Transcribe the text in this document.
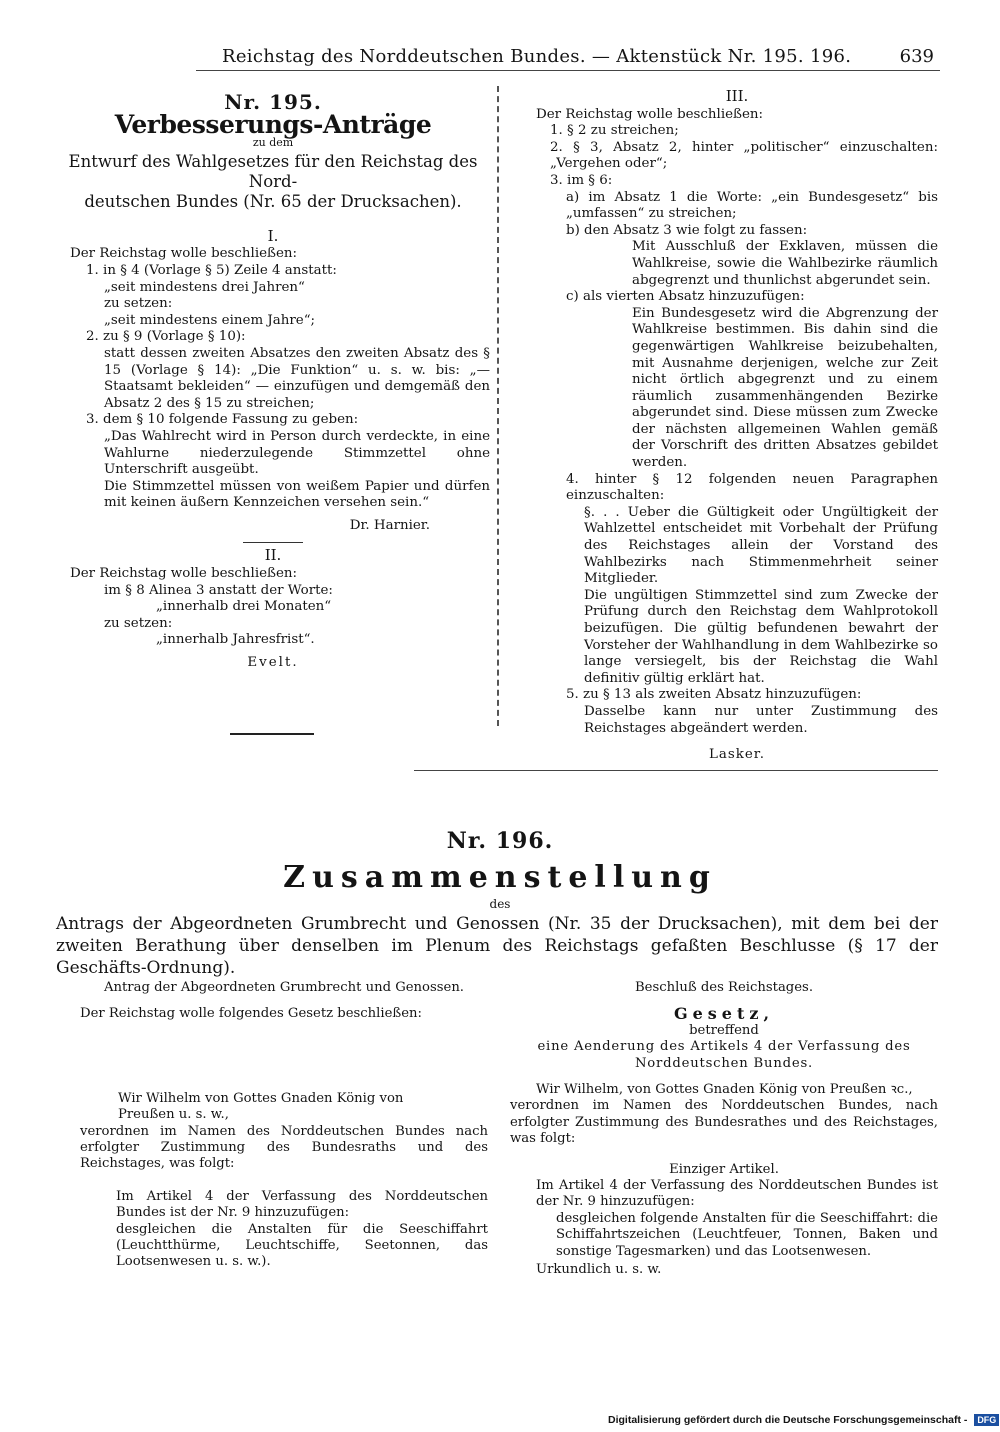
Reichstag des Norddeutschen Bundes. — Aktenstück Nr. 195. 196.	639
Nr. 195.
Verbesserungs-Anträge
zu dem
Entwurf des Wahlgesetzes für den Reichstag des Nord-
deutschen Bundes (Nr. 65 der Drucksachen).
I.

Der Reichstag wolle beschließen:

1. in § 4 (Vorlage § 5) Zeile 4 anstatt:

„seit mindestens drei Jahren“

zu setzen:

„seit mindestens einem Jahre“;

2. zu § 9 (Vorlage § 10):

statt dessen zweiten Absatzes den zweiten Absatz des § 15 (Vorlage § 14): „Die Funktion“ u. s. w. bis: „— Staatsamt bekleiden“ — einzufügen und demgemäß den Absatz 2 des § 15 zu streichen;

3. dem § 10 folgende Fassung zu geben:

„Das Wahlrecht wird in Person durch verdeckte, in eine Wahlurne niederzulegende Stimmzettel ohne Unterschrift ausgeübt.

Die Stimmzettel müssen von weißem Papier und dürfen mit keinen äußern Kennzeichen versehen sein.“

Dr. Harnier.

II.

Der Reichstag wolle beschließen:

im § 8 Alinea 3 anstatt der Worte:

„innerhalb drei Monaten“

zu setzen:

„innerhalb Jahresfrist“.

Evelt.

III.

Der Reichstag wolle beschließen:

1. § 2 zu streichen;

2. § 3, Absatz 2, hinter „politischer“ einzuschalten: „Vergehen oder“;

3. im § 6:

a) im Absatz 1 die Worte: „ein Bundesgesetz“ bis „umfassen“ zu streichen;

b) den Absatz 3 wie folgt zu fassen:

Mit Ausschluß der Exklaven, müssen die Wahlkreise, sowie die Wahlbezirke räumlich abgegrenzt und thunlichst abgerundet sein.

c) als vierten Absatz hinzuzufügen:

Ein Bundesgesetz wird die Abgrenzung der Wahlkreise bestimmen. Bis dahin sind die gegenwärtigen Wahlkreise beizubehalten, mit Ausnahme derjenigen, welche zur Zeit nicht örtlich abgegrenzt und zu einem räumlich zusammenhängenden Bezirke abgerundet sind. Diese müssen zum Zwecke der nächsten allgemeinen Wahlen gemäß der Vorschrift des dritten Absatzes gebildet werden.

4. hinter § 12 folgenden neuen Paragraphen einzuschalten:

§. . . Ueber die Gültigkeit oder Ungültigkeit der Wahlzettel entscheidet mit Vorbehalt der Prüfung des Reichstages allein der Vorstand des Wahlbezirks nach Stimmenmehrheit seiner Mitglieder.

Die ungültigen Stimmzettel sind zum Zwecke der Prüfung durch den Reichstag dem Wahlprotokoll beizufügen. Die gültig befundenen bewahrt der Vorsteher der Wahlhandlung in dem Wahlbezirke so lange versiegelt, bis der Reichstag die Wahl definitiv gültig erklärt hat.

5. zu § 13 als zweiten Absatz hinzuzufügen:

Dasselbe kann nur unter Zustimmung des Reichstages abgeändert werden.

Lasker.

Nr. 196.
Zusammenstellung
des
Antrags der Abgeordneten Grumbrecht und Genossen (Nr. 35 der Drucksachen), mit dem bei der zweiten Berathung über denselben im Plenum des Reichstags gefaßten Beschlusse (§ 17 der Geschäfts-Ordnung).

Antrag der Abgeordneten Grumbrecht und Genossen.

Der Reichstag wolle folgendes Gesetz beschließen:

Wir Wilhelm von Gottes Gnaden König von

Preußen u. s. w.,

verordnen im Namen des Norddeutschen Bundes nach erfolgter Zustimmung des Bundesraths und des Reichstages, was folgt:

Im Artikel 4 der Verfassung des Norddeutschen Bundes ist der Nr. 9 hinzuzufügen:

desgleichen die Anstalten für die Seeschiffahrt (Leuchtthürme, Leuchtschiffe, Seetonnen, das Lootsenwesen u. s. w.).

Beschluß des Reichstages.

Gesetz,

betreffend

eine Aenderung des Artikels 4 der Verfassung des Norddeutschen Bundes.

Wir Wilhelm, von Gottes Gnaden König von Preußen ꝛc.,

verordnen im Namen des Norddeutschen Bundes, nach erfolgter Zustimmung des Bundesrathes und des Reichstages, was folgt:

Einziger Artikel.

Im Artikel 4 der Verfassung des Norddeutschen Bundes ist der Nr. 9 hinzuzufügen:

desgleichen folgende Anstalten für die Seeschiffahrt: die Schiffahrtszeichen (Leuchtfeuer, Tonnen, Baken und sonstige Tagesmarken) und das Lootsenwesen.

Urkundlich u. s. w.

Digitalisierung gefördert durch die Deutsche Forschungsgemeinschaft - DFG
